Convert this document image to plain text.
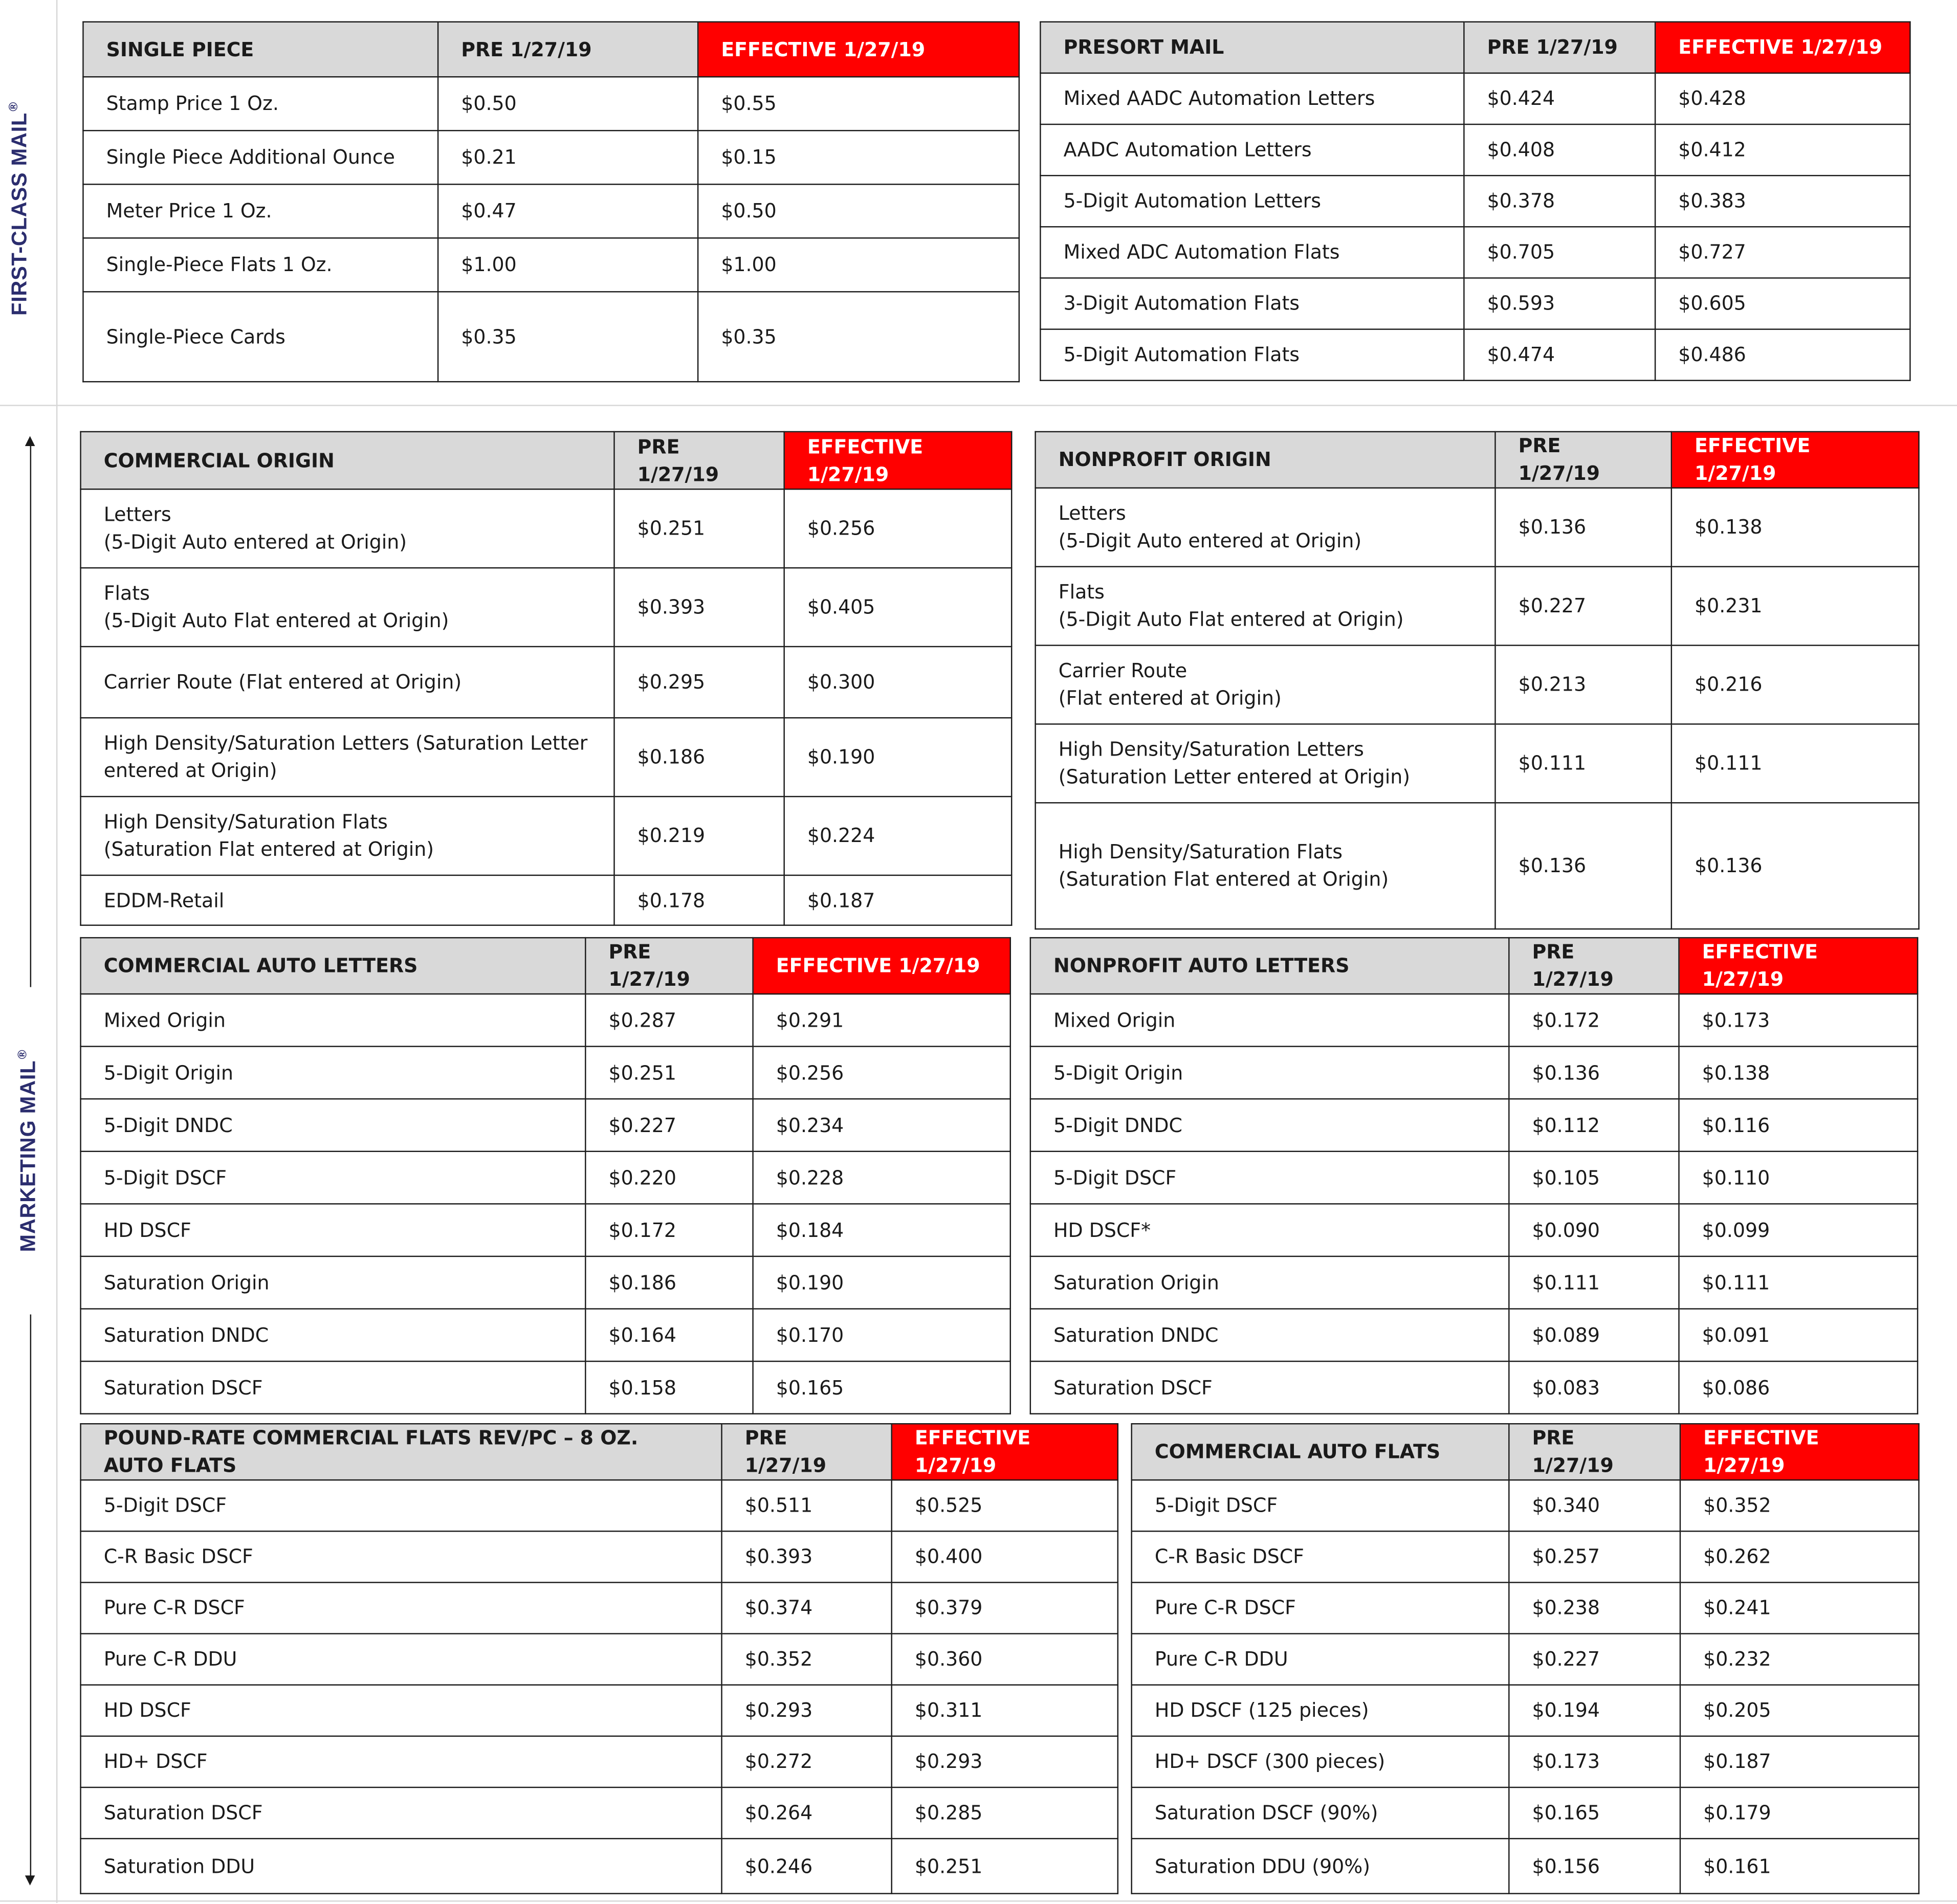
FIRST-CLASS MAIL®
MARKETING MAIL®
SINGLE PIECE	PRE 1/27/19	EFFECTIVE 1/27/19
Stamp Price 1 Oz.	$0.50	$0.55
Single Piece Additional Ounce	$0.21	$0.15
Meter Price 1 Oz.	$0.47	$0.50
Single-Piece Flats 1 Oz.	$1.00	$1.00
Single-Piece Cards	$0.35	$0.35
PRESORT MAIL	PRE 1/27/19	EFFECTIVE 1/27/19
Mixed AADC Automation Letters	$0.424	$0.428
AADC Automation Letters	$0.408	$0.412
5-Digit Automation Letters	$0.378	$0.383
Mixed ADC Automation Flats	$0.705	$0.727
3-Digit Automation Flats	$0.593	$0.605
5-Digit Automation Flats	$0.474	$0.486
COMMERCIAL ORIGIN	PRE 1/27/19	EFFECTIVE 1/27/19

Letters
(5-Digit Auto entered at Origin)	$0.251	$0.256

Flats
(5-Digit Auto Flat entered at Origin)	$0.393	$0.405

Carrier Route (Flat entered at Origin)	$0.295	$0.300

High Density/Saturation Letters (Saturation Letter
entered at Origin)	$0.186	$0.190

High Density/Saturation Flats
(Saturation Flat entered at Origin)	$0.219	$0.224

EDDM-Retail	$0.178	$0.187
NONPROFIT ORIGIN	PRE 1/27/19	EFFECTIVE 1/27/19

Letters
(5-Digit Auto entered at Origin)	$0.136	$0.138

Flats
(5-Digit Auto Flat entered at Origin)	$0.227	$0.231

Carrier Route
(Flat entered at Origin)	$0.213	$0.216

High Density/Saturation Letters
(Saturation Letter entered at Origin)	$0.111	$0.111

High Density/Saturation Flats
(Saturation Flat entered at Origin)	$0.136	$0.136
COMMERCIAL AUTO LETTERS	PRE 1/27/19	EFFECTIVE 1/27/19
Mixed Origin	$0.287	$0.291
5-Digit Origin	$0.251	$0.256
5-Digit DNDC	$0.227	$0.234
5-Digit DSCF	$0.220	$0.228
HD DSCF	$0.172	$0.184
Saturation Origin	$0.186	$0.190
Saturation DNDC	$0.164	$0.170
Saturation DSCF	$0.158	$0.165
NONPROFIT AUTO LETTERS	PRE 1/27/19	EFFECTIVE 1/27/19
Mixed Origin	$0.172	$0.173
5-Digit Origin	$0.136	$0.138
5-Digit DNDC	$0.112	$0.116
5-Digit DSCF	$0.105	$0.110
HD DSCF*	$0.090	$0.099
Saturation Origin	$0.111	$0.111
Saturation DNDC	$0.089	$0.091
Saturation DSCF	$0.083	$0.086
POUND-RATE COMMERCIAL FLATS REV/PC – 8 OZ. AUTO FLATS	PRE 1/27/19	EFFECTIVE 1/27/19
5-Digit DSCF	$0.511	$0.525
C-R Basic DSCF	$0.393	$0.400
Pure C-R DSCF	$0.374	$0.379
Pure C-R DDU	$0.352	$0.360
HD DSCF	$0.293	$0.311
HD+ DSCF	$0.272	$0.293
Saturation DSCF	$0.264	$0.285
Saturation DDU	$0.246	$0.251
COMMERCIAL AUTO FLATS	PRE 1/27/19	EFFECTIVE 1/27/19
5-Digit DSCF	$0.340	$0.352
C-R Basic DSCF	$0.257	$0.262
Pure C-R DSCF	$0.238	$0.241
Pure C-R DDU	$0.227	$0.232
HD DSCF (125 pieces)	$0.194	$0.205
HD+ DSCF (300 pieces)	$0.173	$0.187
Saturation DSCF (90%)	$0.165	$0.179
Saturation DDU (90%)	$0.156	$0.161
